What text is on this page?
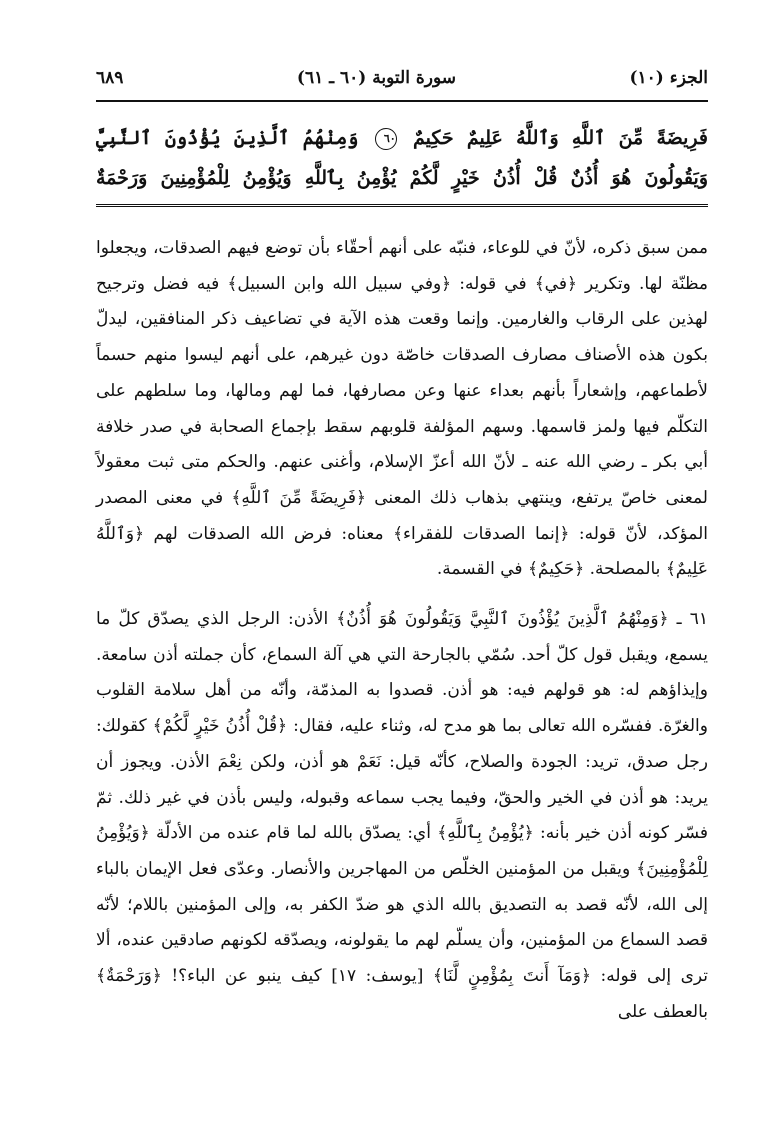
الجزء (١٠)
سورة التوبة (٦٠ ـ ٦١)
٦٨٩
فَرِيضَةً مِّنَ ٱللَّهِ وَٱللَّهُ عَلِيمٌ حَكِيمٌ ٦٠ وَمِنْهُمُ ٱلَّذِينَ يُؤْذُونَ ٱلنَّبِيَّ
وَيَقُولُونَ هُوَ أُذُنٌ قُلْ أُذُنُ خَيْرٍ لَّكُمْ يُؤْمِنُ بِٱللَّهِ وَيُؤْمِنُ لِلْمُؤْمِنِينَ وَرَحْمَةٌ

ممن سبق ذكره، لأنّ في للوعاء، فنبّه على أنهم أحقّاء بأن توضع فيهم الصدقات، ويجعلوا مظنّة لها. وتكرير ﴿في﴾ في قوله: ﴿وفي سبيل الله وابن السبيل﴾ فيه فضل وترجيح لهذين على الرقاب والغارمين. وإنما وقعت هذه الآية في تضاعيف ذكر المنافقين، ليدلّ بكون هذه الأصناف مصارف الصدقات خاصّة دون غيرهم، على أنهم ليسوا منهم حسماً لأطماعهم، وإشعاراً بأنهم بعداء عنها وعن مصارفها، فما لهم ومالها، وما سلطهم على التكلّم فيها ولمز قاسمها. وسهم المؤلفة قلوبهم سقط بإجماع الصحابة في صدر خلافة أبي بكر ـ رضي الله عنه ـ لأنّ الله أعزّ الإسلام، وأغنى عنهم. والحكم متى ثبت معقولاً لمعنى خاصّ يرتفع، وينتهي بذهاب ذلك المعنى ﴿فَرِيضَةً مِّنَ ٱللَّهِ﴾ في معنى المصدر المؤكد، لأنّ قوله: ﴿إنما الصدقات للفقراء﴾ معناه: فرض الله الصدقات لهم ﴿وَٱللَّهُ عَلِيمٌ﴾ بالمصلحة. ﴿حَكِيمٌ﴾ في القسمة.

٦١ ـ ﴿وَمِنْهُمُ ٱلَّذِينَ يُؤْذُونَ ٱلنَّبِيَّ وَيَقُولُونَ هُوَ أُذُنٌ﴾ الأذن: الرجل الذي يصدّق كلّ ما يسمع، ويقبل قول كلّ أحد. سُمّي بالجارحة التي هي آلة السماع، كأن جملته أذن سامعة. وإيذاؤهم له: هو قولهم فيه: هو أذن. قصدوا به المذمّة، وأنّه من أهل سلامة القلوب والغرّة. ففسّره الله تعالى بما هو مدح له، وثناء عليه، فقال: ﴿قُلْ أُذُنُ خَيْرٍ لَّكُمْ﴾ كقولك: رجل صدق، تريد: الجودة والصلاح، كأنّه قيل: نَعَمْ هو أذن، ولكن نِعْمَ الأذن. ويجوز أن يريد: هو أذن في الخير والحقّ، وفيما يجب سماعه وقبوله، وليس بأذن في غير ذلك. ثمّ فسّر كونه أذن خير بأنه: ﴿يُؤْمِنُ بِٱللَّهِ﴾ أي: يصدّق بالله لما قام عنده من الأدلّة ﴿وَيُؤْمِنُ لِلْمُؤْمِنِينَ﴾ ويقبل من المؤمنين الخلّص من المهاجرين والأنصار. وعدّى فعل الإيمان بالباء إلى الله، لأنّه قصد به التصديق بالله الذي هو ضدّ الكفر به، وإلى المؤمنين باللام؛ لأنّه قصد السماع من المؤمنين، وأن يسلّم لهم ما يقولونه، ويصدّقه لكونهم صادقين عنده، ألا ترى إلى قوله: ﴿وَمَآ أَنتَ بِمُؤْمِنٍ لَّنَا﴾ [يوسف: ١٧] كيف ينبو عن الباء؟! ﴿وَرَحْمَةٌ﴾ بالعطف على
